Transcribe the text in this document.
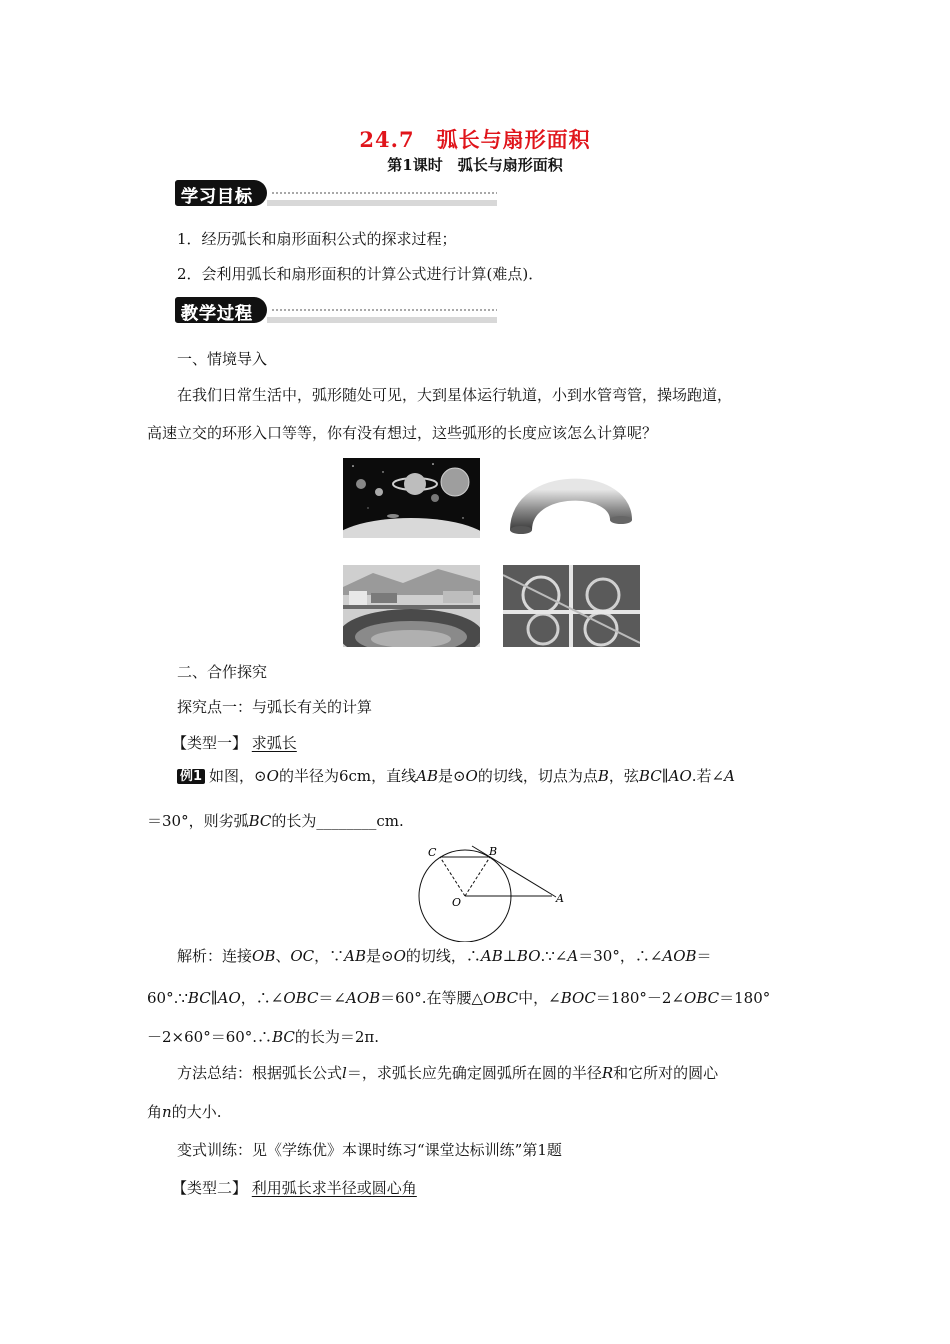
24.7　弧长与扇形面积
第1课时　弧长与扇形面积
学习目标
1．经历弧长和扇形面积公式的探求过程；
2．会利用弧长和扇形面积的计算公式进行计算(难点)．
教学过程
一、情境导入
在我们日常生活中，弧形随处可见，大到星体运行轨道，小到水管弯管，操场跑道，
高速立交的环形入口等等，你有没有想过，这些弧形的长度应该怎么计算呢？
二、合作探究
探究点一：与弧长有关的计算
【类型一】 求弧长
例1 如图，⊙O的半径为6cm，直线AB是⊙O的切线，切点为点B，弦BC∥AO.若∠A
＝30°，则劣弧BC的长为________cm.
C	B
O	A
解析：连接OB、OC，∵AB是⊙O的切线，∴AB⊥BO.∵∠A＝30°，∴∠AOB＝
60°.∵BC∥AO，∴∠OBC＝∠AOB＝60°.在等腰△OBC中，∠BOC＝180°－2∠OBC＝180°
－2×60°＝60°.∴BC的长为＝2π.
方法总结：根据弧长公式l＝，求弧长应先确定圆弧所在圆的半径R和它所对的圆心
角n的大小.
变式训练：见《学练优》本课时练习“课堂达标训练”第1题
【类型二】 利用弧长求半径或圆心角
